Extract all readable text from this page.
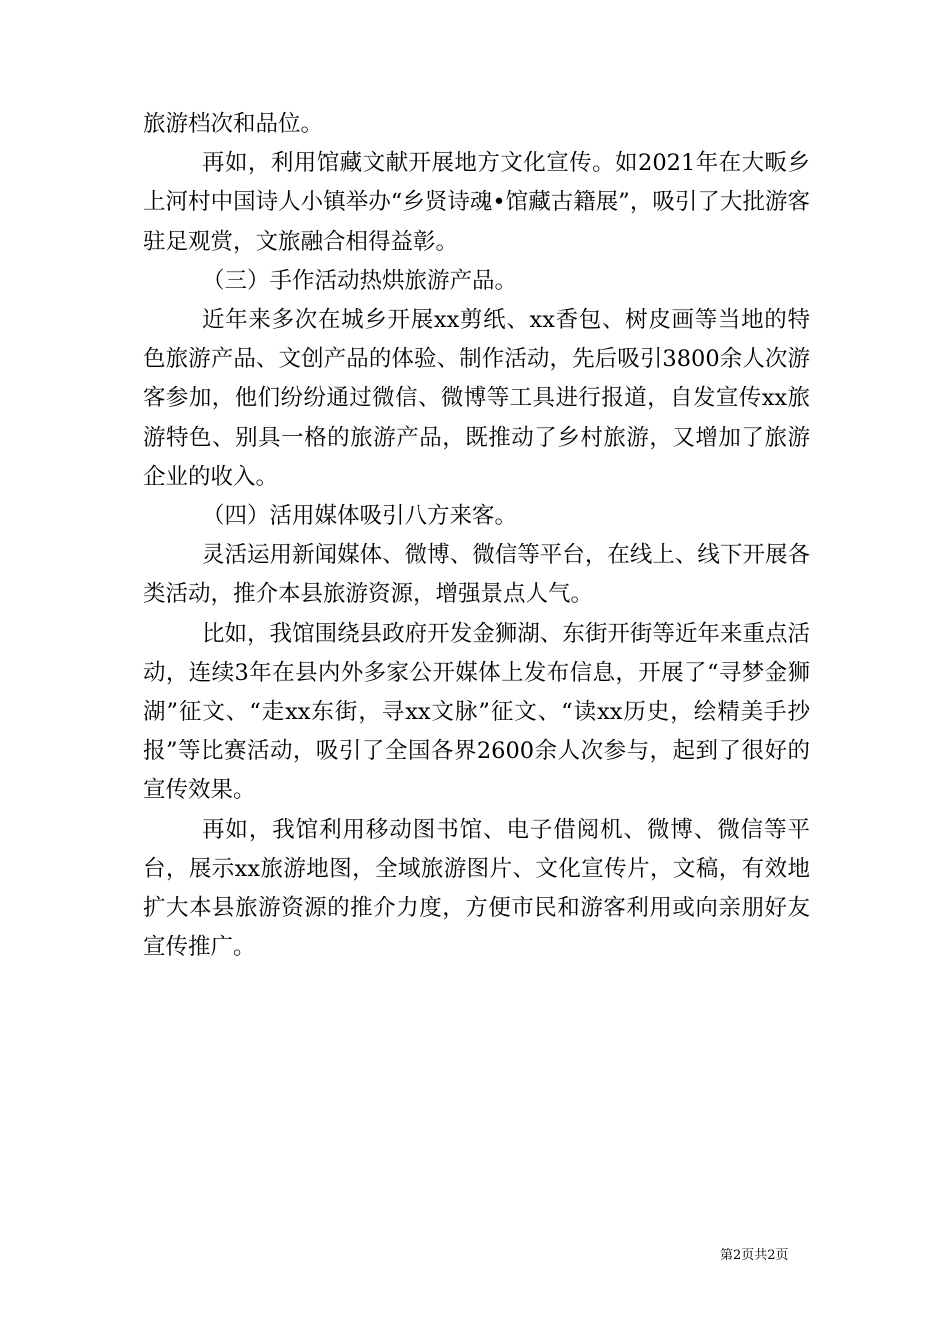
旅游档次和品位。

再如，利用馆藏文献开展地方文化宣传。如2021年在大畈乡上河村中国诗人小镇举办“乡贤诗魂•馆藏古籍展”，吸引了大批游客驻足观赏，文旅融合相得益彰。

（三）手作活动热烘旅游产品。

近年来多次在城乡开展xx剪纸、xx香包、树皮画等当地的特色旅游产品、文创产品的体验、制作活动，先后吸引3800余人次游客参加，他们纷纷通过微信、微博等工具进行报道，自发宣传xx旅游特色、别具一格的旅游产品，既推动了乡村旅游，又增加了旅游企业的收入。

（四）活用媒体吸引八方来客。

灵活运用新闻媒体、微博、微信等平台，在线上、线下开展各类活动，推介本县旅游资源，增强景点人气。

比如，我馆围绕县政府开发金狮湖、东街开街等近年来重点活动，连续3年在县内外多家公开媒体上发布信息，开展了“寻梦金狮湖”征文、“走xx东街，寻xx文脉”征文、“读xx历史，绘精美手抄报”等比赛活动，吸引了全国各界2600余人次参与，起到了很好的宣传效果。

再如，我馆利用移动图书馆、电子借阅机、微博、微信等平台，展示xx旅游地图，全域旅游图片、文化宣传片，文稿，有效地扩大本县旅游资源的推介力度，方便市民和游客利用或向亲朋好友宣传推广。

第2页共2页
